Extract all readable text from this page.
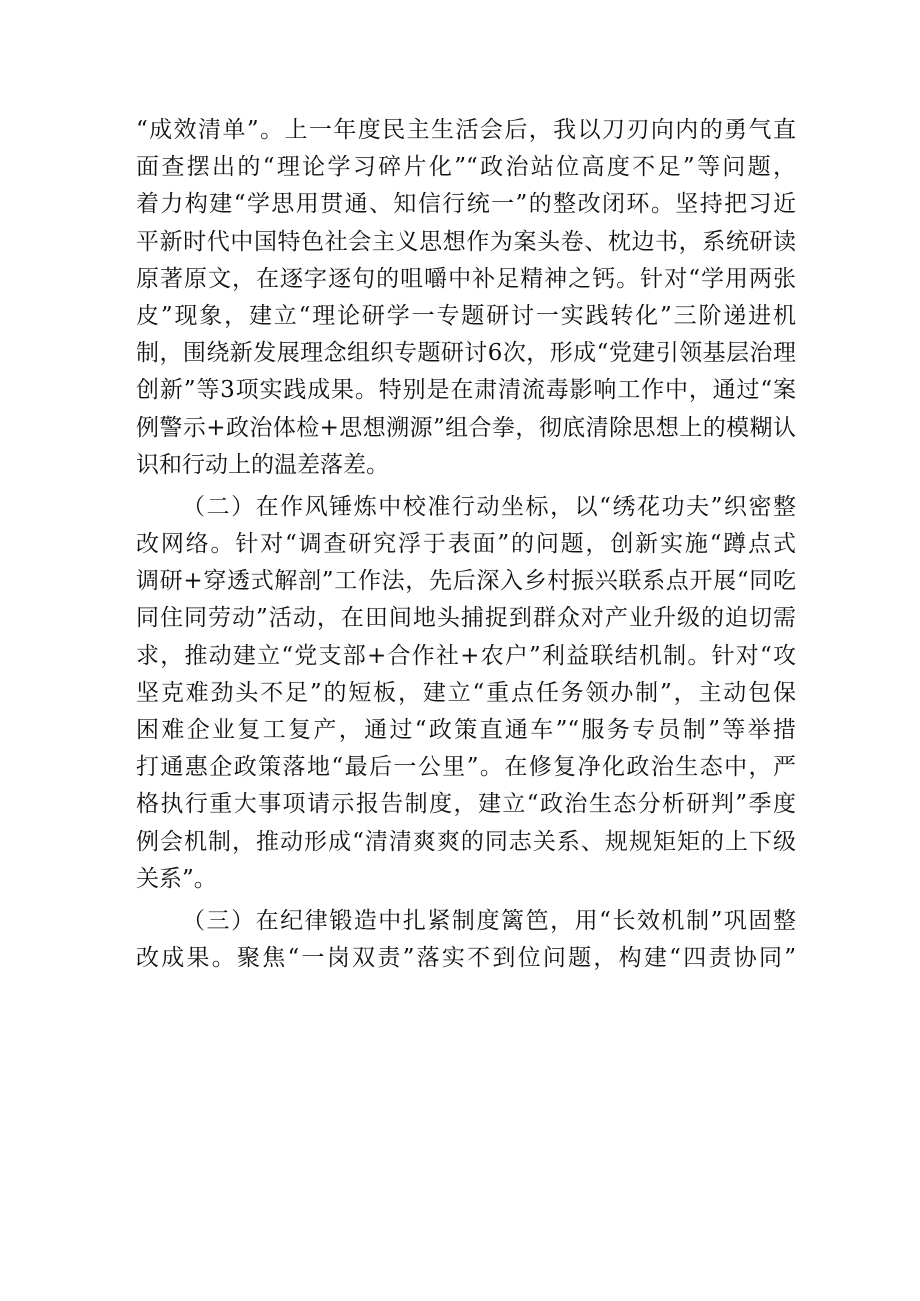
“成效清单”。上一年度民主生活会后，我以刀刃向内的勇气直
面查摆出的“理论学习碎片化”“政治站位高度不足”等问题，
着力构建“学思用贯通、知信行统一”的整改闭环。坚持把习近
平新时代中国特色社会主义思想作为案头卷、枕边书，系统研读
原著原文，在逐字逐句的咀嚼中补足精神之钙。针对“学用两张
皮”现象，建立“理论研学一专题研讨一实践转化”三阶递进机
制，围绕新发展理念组织专题研讨6次，形成“党建引领基层治理
创新”等3项实践成果。特别是在肃清流毒影响工作中，通过“案
例警示+政治体检+思想溯源”组合拳，彻底清除思想上的模糊认
识和行动上的温差落差。
（二）在作风锤炼中校准行动坐标，以“绣花功夫”织密整
改网络。针对“调查研究浮于表面”的问题，创新实施“蹲点式
调研+穿透式解剖”工作法，先后深入乡村振兴联系点开展“同吃
同住同劳动”活动，在田间地头捕捉到群众对产业升级的迫切需
求，推动建立“党支部+合作社+农户”利益联结机制。针对“攻
坚克难劲头不足”的短板，建立“重点任务领办制”，主动包保
困难企业复工复产，通过“政策直通车”“服务专员制”等举措
打通惠企政策落地“最后一公里”。在修复净化政治生态中，严
格执行重大事项请示报告制度，建立“政治生态分析研判”季度
例会机制，推动形成“清清爽爽的同志关系、规规矩矩的上下级
关系”。
（三）在纪律锻造中扎紧制度篱笆，用“长效机制”巩固整
改成果。聚焦“一岗双责”落实不到位问题，构建“四责协同”
